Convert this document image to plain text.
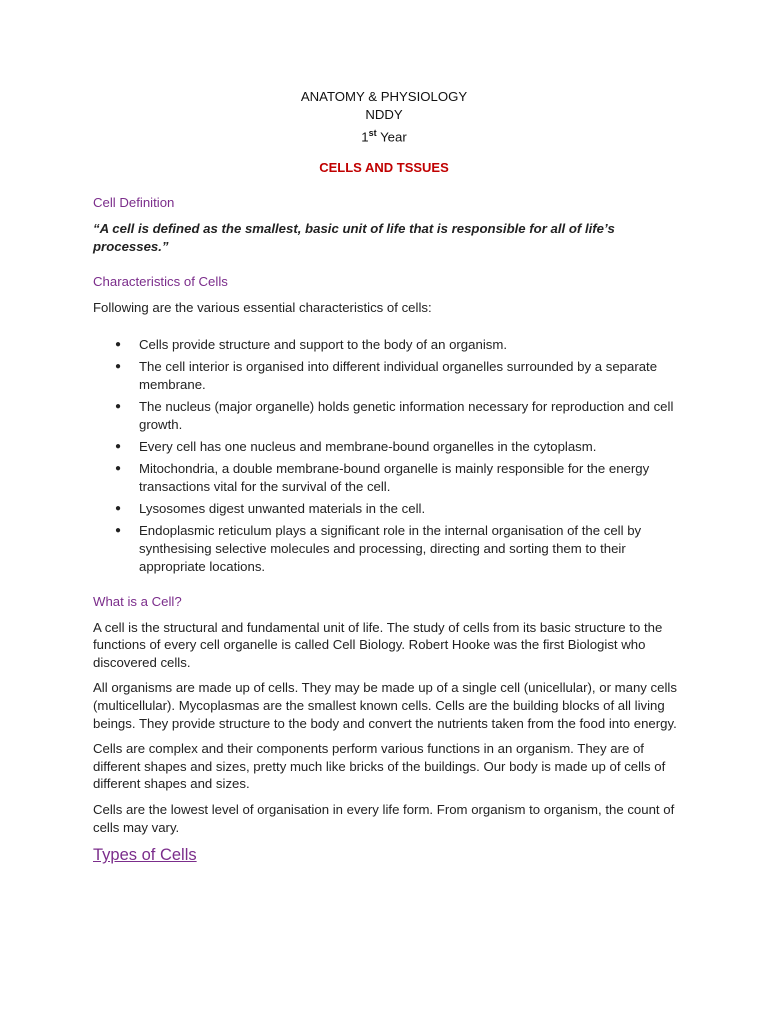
ANATOMY & PHYSIOLOGY
NDDY
1st Year
CELLS AND TSSUES
Cell Definition
“A cell is defined as the smallest, basic unit of life that is responsible for all of life’s processes.”
Characteristics of Cells
Following are the various essential characteristics of cells:
● Cells provide structure and support to the body of an organism.
● The cell interior is organised into different individual organelles surrounded by a separate membrane.
● The nucleus (major organelle) holds genetic information necessary for reproduction and cell growth.
● Every cell has one nucleus and membrane-bound organelles in the cytoplasm.
● Mitochondria, a double membrane-bound organelle is mainly responsible for the energy transactions vital for the survival of the cell.
● Lysosomes digest unwanted materials in the cell.
● Endoplasmic reticulum plays a significant role in the internal organisation of the cell by synthesising selective molecules and processing, directing and sorting them to their appropriate locations.
What is a Cell?
A cell is the structural and fundamental unit of life. The study of cells from its basic structure to the functions of every cell organelle is called Cell Biology. Robert Hooke was the first Biologist who discovered cells.
All organisms are made up of cells. They may be made up of a single cell (unicellular), or many cells (multicellular). Mycoplasmas are the smallest known cells. Cells are the building blocks of all living beings. They provide structure to the body and convert the nutrients taken from the food into energy.
Cells are complex and their components perform various functions in an organism. They are of different shapes and sizes, pretty much like bricks of the buildings. Our body is made up of cells of different shapes and sizes.
Cells are the lowest level of organisation in every life form. From organism to organism, the count of cells may vary.
Types of Cells
